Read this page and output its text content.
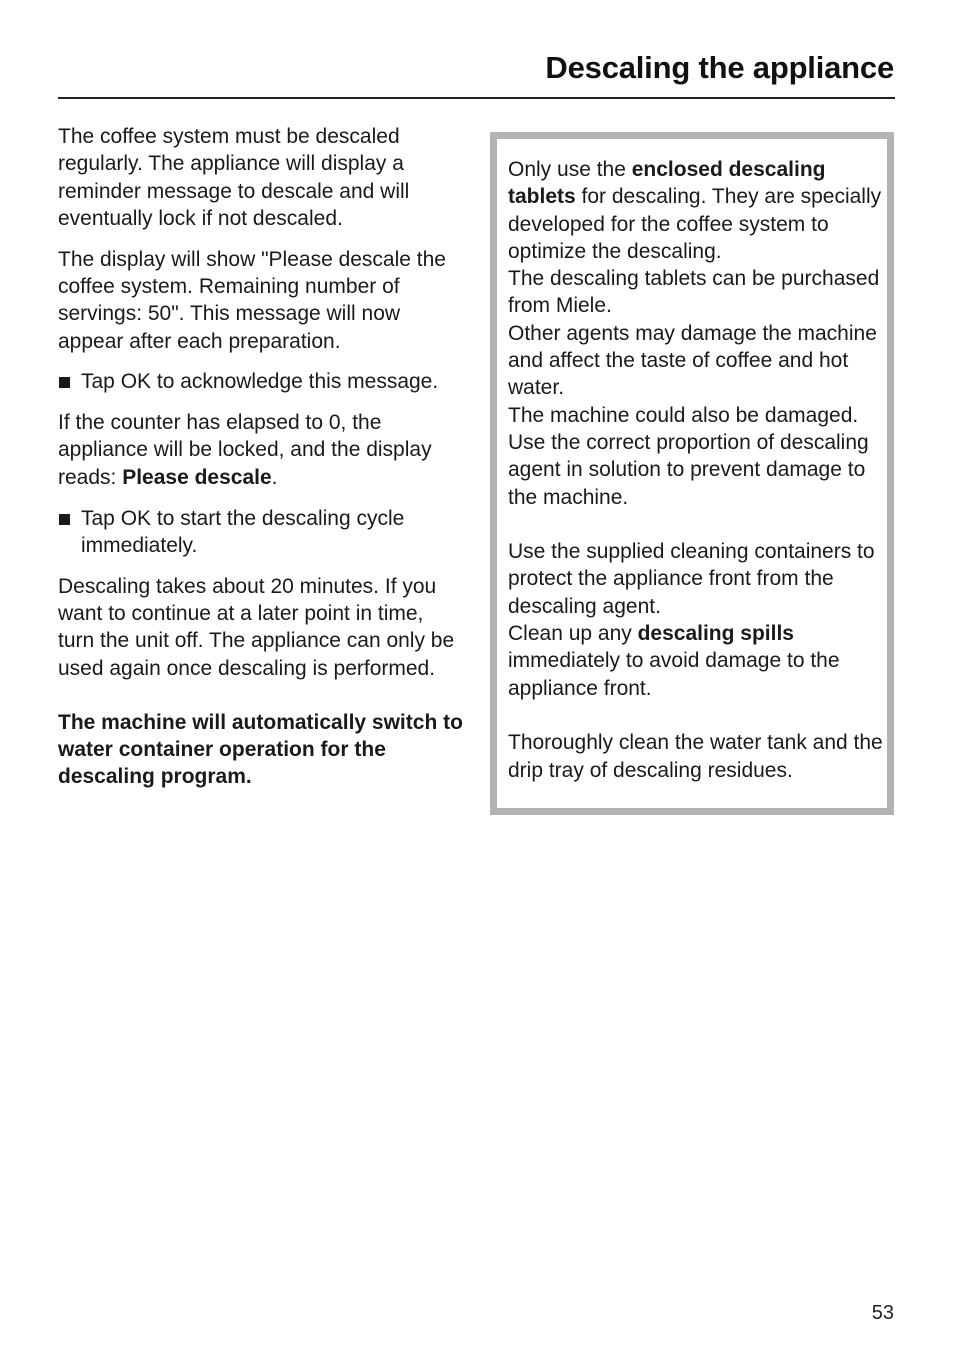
Descaling the appliance

The coffee system must be descaled regularly. The appliance will display a reminder message to descale and will eventually lock if not descaled.

The display will show "Please descale the coffee system. Remaining number of servings: 50". This message will now appear after each preparation.

Tap OK to acknowledge this message.

If the counter has elapsed to 0, the appliance will be locked, and the display reads: Please descale.

Tap OK to start the descaling cycle immediately.

Descaling takes about 20 minutes. If you want to continue at a later point in time, turn the unit off. The appliance can only be used again once descaling is performed.

The machine will automatically switch to water container operation for the descaling program.

Only use the enclosed descaling tablets for descaling. They are specially developed for the coffee system to optimize the descaling.
The descaling tablets can be purchased from Miele.
Other agents may damage the machine and affect the taste of coffee and hot water.
The machine could also be damaged.
Use the correct proportion of descaling agent in solution to prevent damage to the machine.

Use the supplied cleaning containers to protect the appliance front from the descaling agent.
Clean up any descaling spills immediately to avoid damage to the appliance front.

Thoroughly clean the water tank and the drip tray of descaling residues.

53
